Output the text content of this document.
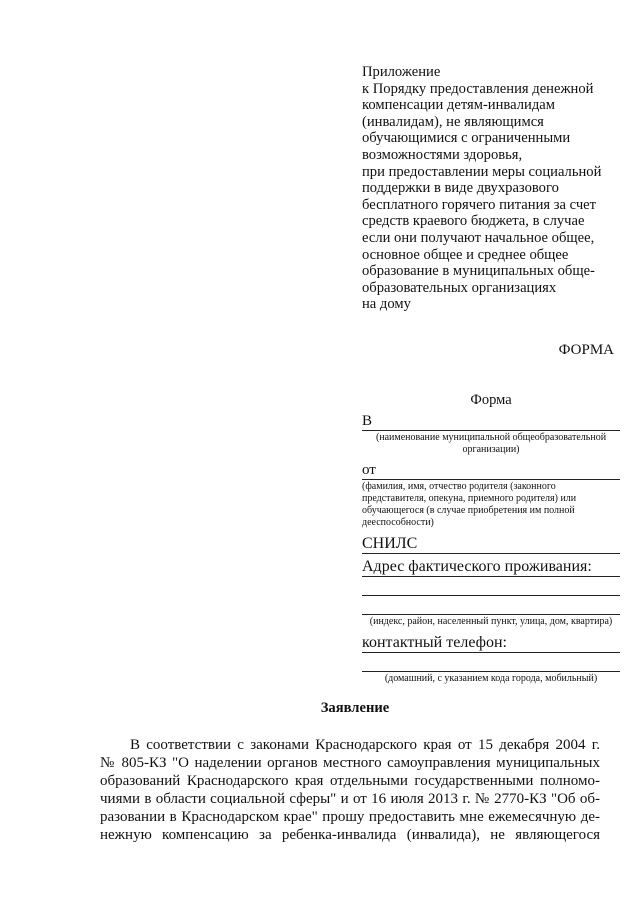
Приложение
к Порядку предоставления денежной
компенсации детям-инвалидам
(инвалидам), не являющимся
обучающимися с ограниченными
возможностями здоровья,
при предоставлении меры социальной
поддержки в виде двухразового
бесплатного горячего питания за счет
средств краевого бюджета, в случае
если они получают начальное общее,
основное общее и среднее общее
образование в муниципальных обще-
образовательных организациях
на дому
ФОРМА
Форма
В
(наименование муниципальной общеобразовательной организации)
от
(фамилия, имя, отчество родителя (законного представителя, опекуна, приемного родителя) или обучающегося (в случае приобретения им полной дееспособности)
СНИЛС
Адрес фактического проживания:
(индекс, район, населенный пункт, улица, дом, квартира)
контактный телефон:
(домашний, с указанием кода города, мобильный)
Заявление
В соответствии с законами Краснодарского края от 15 декабря 2004 г.
№ 805-КЗ "О наделении органов местного самоуправления муниципальных
образований Краснодарского края отдельными государственными полномо-
чиями в области социальной сферы" и от 16 июля 2013 г. № 2770-КЗ "Об об-
разовании в Краснодарском крае" прошу предоставить мне ежемесячную де-
нежную компенсацию за ребенка-инвалида (инвалида), не являющегося
